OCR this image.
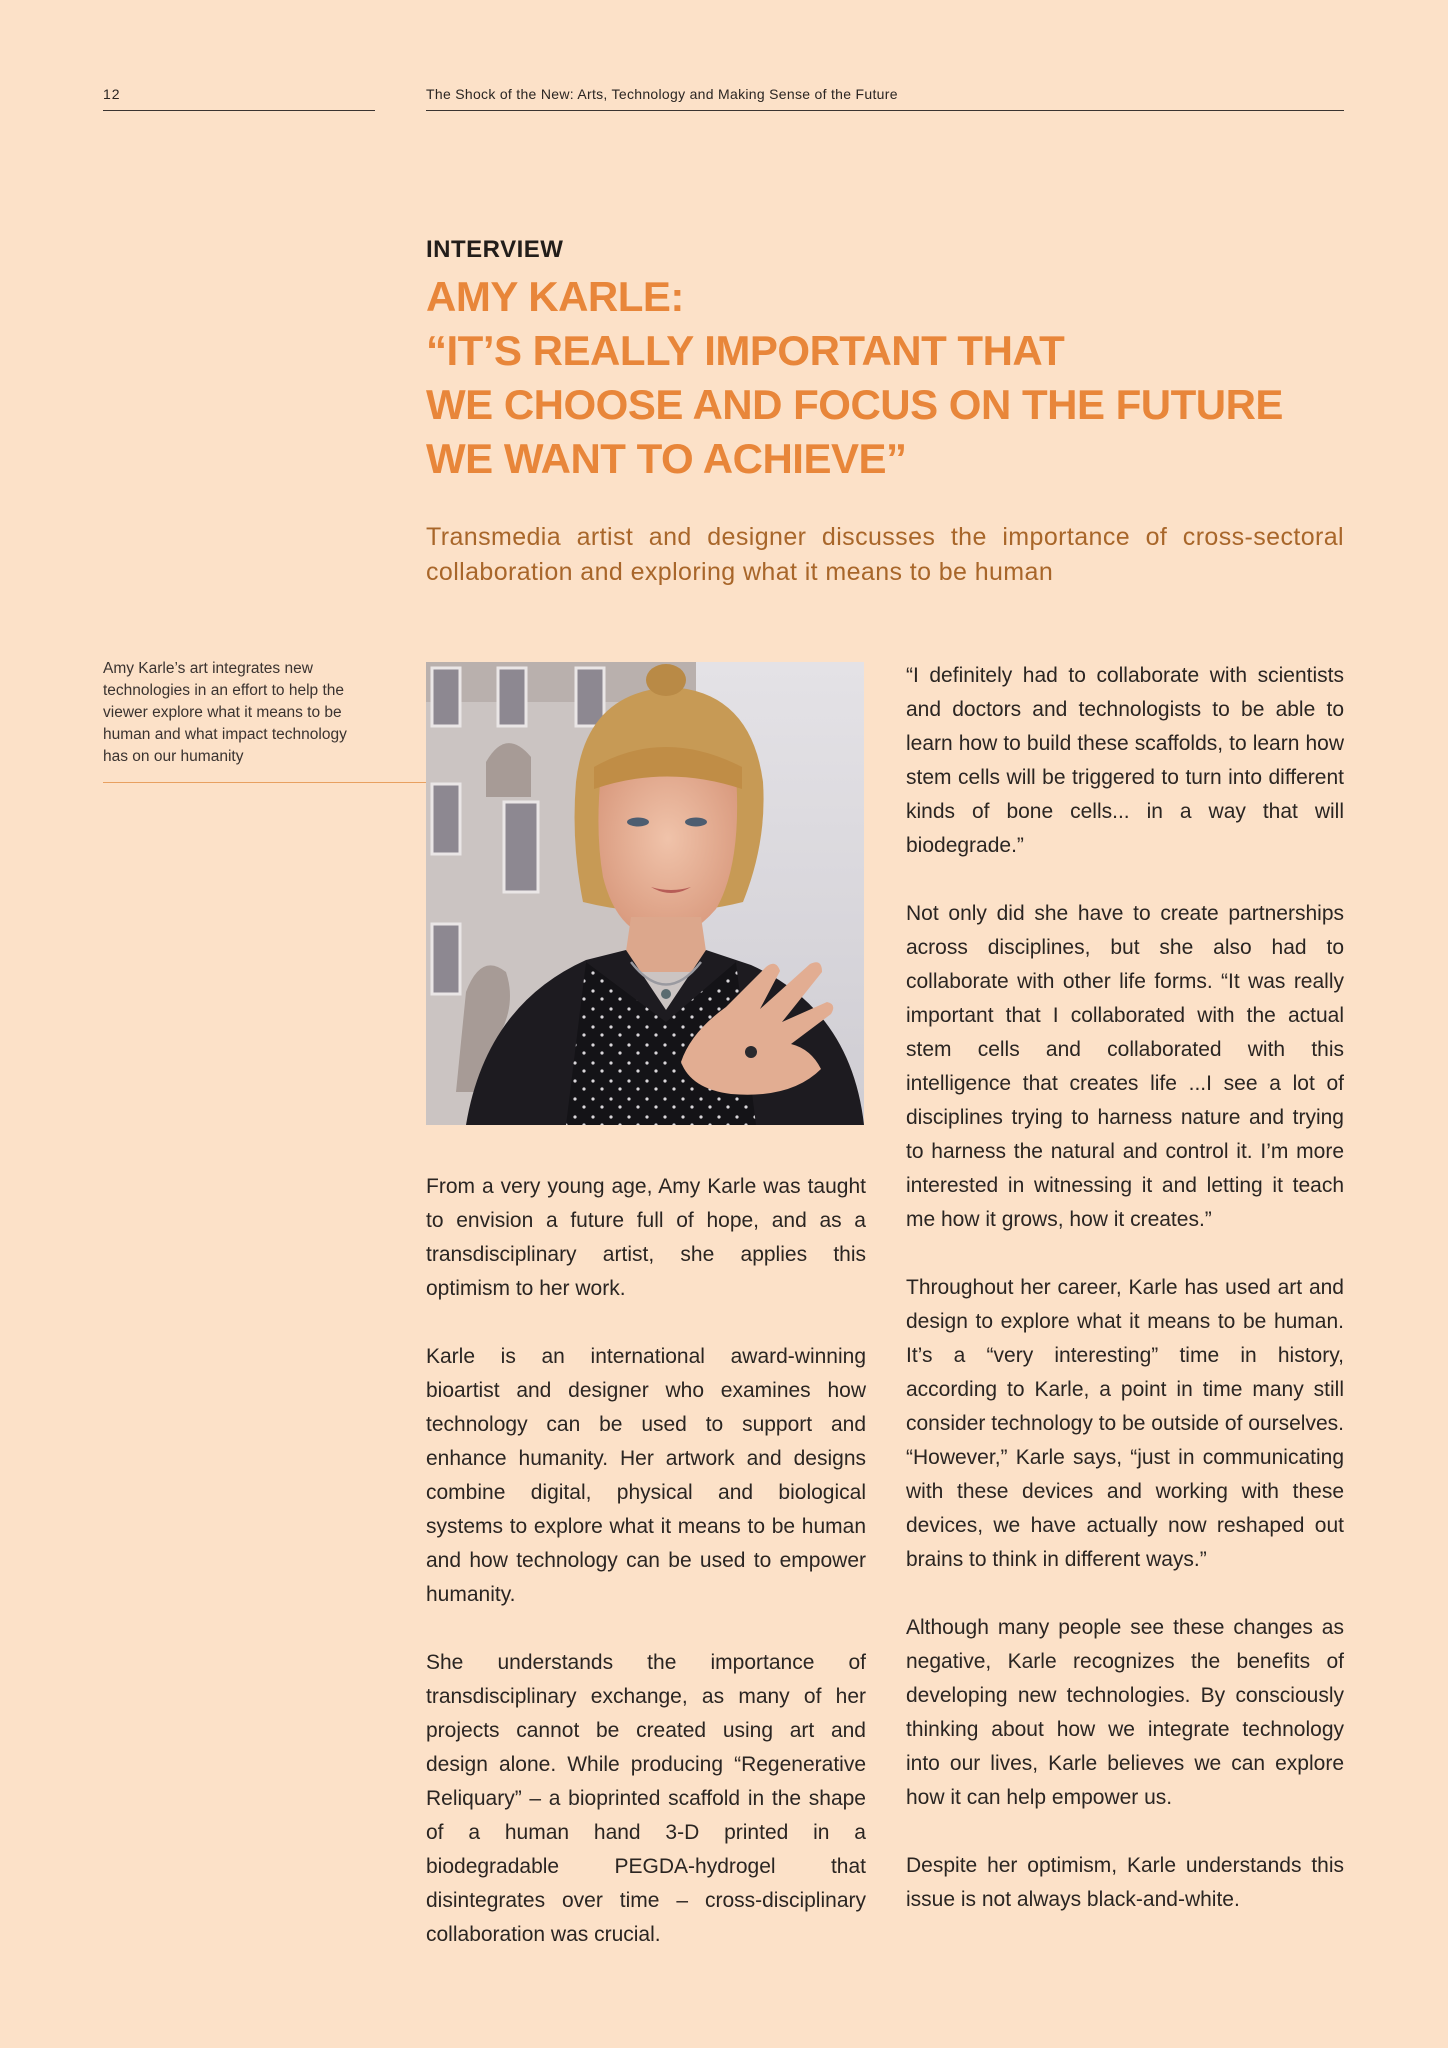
12	The Shock of the New: Arts, Technology and Making Sense of the Future
INTERVIEW
AMY KARLE:
“IT’S REALLY IMPORTANT THAT
WE CHOOSE AND FOCUS ON THE FUTURE
WE WANT TO ACHIEVE”
Transmedia artist and designer discusses the importance of cross-sectoral collaboration and exploring what it means to be human
Amy Karle’s art integrates new technologies in an effort to help the viewer explore what it means to be human and what impact technology has on our humanity

From a very young age, Amy Karle was taught to envision a future full of hope, and as a transdisciplinary artist, she applies this optimism to her work.

Karle is an international award-winning bioartist and designer who examines how technology can be used to support and enhance humanity. Her artwork and designs combine digital, physical and biological systems to explore what it means to be human and how technology can be used to empower humanity.

She understands the importance of transdisciplinary exchange, as many of her projects cannot be created using art and design alone. While producing “Regenerative Reliquary” – a bioprinted scaffold in the shape of a human hand 3-D printed in a biodegradable PEGDA-hydrogel that disintegrates over time – cross-disciplinary collaboration was crucial.

“I definitely had to collaborate with scientists and doctors and technologists to be able to learn how to build these scaffolds, to learn how stem cells will be triggered to turn into different kinds of bone cells... in a way that will biodegrade.”

Not only did she have to create partnerships across disciplines, but she also had to collaborate with other life forms. “It was really important that I collaborated with the actual stem cells and collaborated with this intelligence that creates life ...I see a lot of disciplines trying to harness nature and trying to harness the natural and control it. I’m more interested in witnessing it and letting it teach me how it grows, how it creates.”

Throughout her career, Karle has used art and design to explore what it means to be human. It’s a “very interesting” time in history, according to Karle, a point in time many still consider technology to be outside of ourselves. “However,” Karle says, “just in communicating with these devices and working with these devices, we have actually now reshaped out brains to think in different ways.”

Although many people see these changes as negative, Karle recognizes the benefits of developing new technologies. By consciously thinking about how we integrate technology into our lives, Karle believes we can explore how it can help empower us.

Despite her optimism, Karle understands this issue is not always black-and-white.
